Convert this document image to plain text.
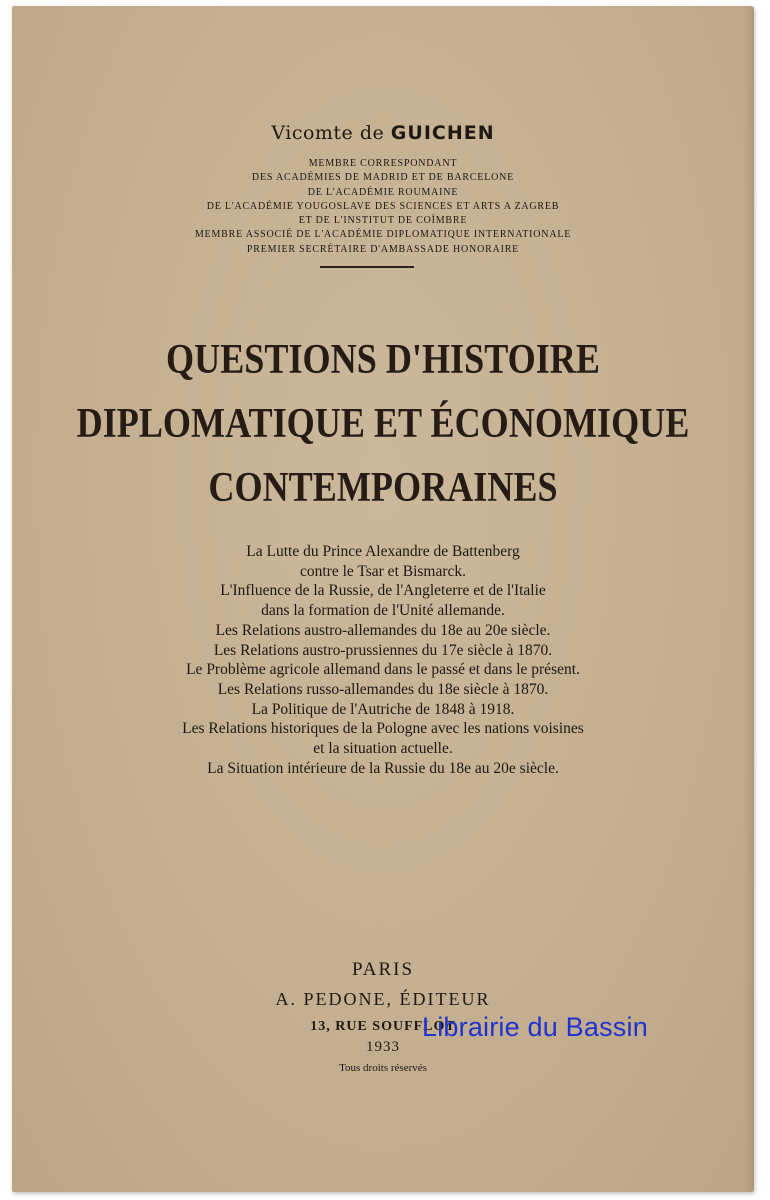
Vicomte de GUICHEN
MEMBRE CORRESPONDANT
DES ACADÉMIES DE MADRID ET DE BARCELONE
DE L'ACADÉMIE ROUMAINE
DE L'ACADÉMIE YOUGOSLAVE DES SCIENCES ET ARTS A ZAGREB
ET DE L'INSTITUT DE COÏMBRE
MEMBRE ASSOCIÉ DE L'ACADÉMIE DIPLOMATIQUE INTERNATIONALE
PREMIER SECRÉTAIRE D'AMBASSADE HONORAIRE
QUESTIONS D'HISTOIRE
DIPLOMATIQUE ET ÉCONOMIQUE
CONTEMPORAINES
La Lutte du Prince Alexandre de Battenberg
contre le Tsar et Bismarck.
L'Influence de la Russie, de l'Angleterre et de l'Italie
dans la formation de l'Unité allemande.
Les Relations austro-allemandes du 18e au 20e siècle.
Les Relations austro-prussiennes du 17e siècle à 1870.
Le Problème agricole allemand dans le passé et dans le présent.
Les Relations russo-allemandes du 18e siècle à 1870.
La Politique de l'Autriche de 1848 à 1918.
Les Relations historiques de la Pologne avec les nations voisines
et la situation actuelle.
La Situation intérieure de la Russie du 18e au 20e siècle.
PARIS
A. PEDONE, ÉDITEUR
13, RUE SOUFFLOT
1933
Tous droits réservés
Librairie du Bassin
